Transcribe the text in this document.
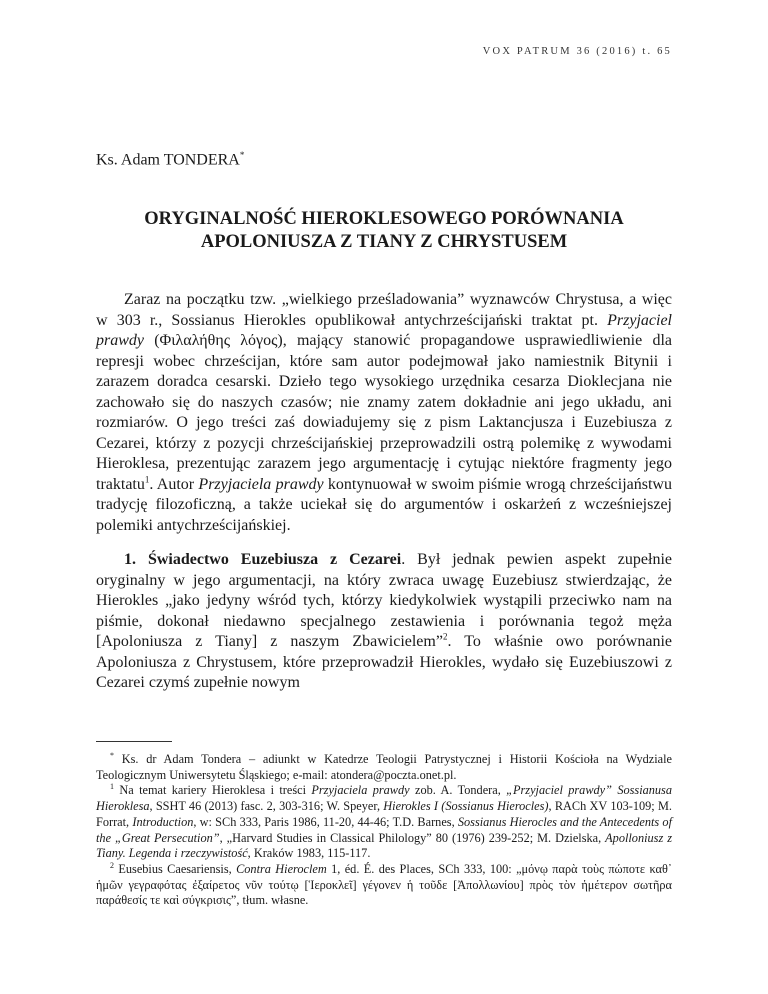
VOX PATRUM 36 (2016) t. 65
Ks. Adam TONDERA*
ORYGINALNOŚĆ HIEROKLESOWEGO PORÓWNANIA
APOLONIUSZA Z TIANY Z CHRYSTUSEM

Zaraz na początku tzw. „wielkiego prześladowania” wyznawców Chrystusa, a więc w 303 r., Sossianus Hierokles opublikował antychrześcijański traktat pt. Przyjaciel prawdy (Φιλαλήθης λόγος), mający stanowić propagandowe usprawiedliwienie dla represji wobec chrześcijan, które sam autor podejmował jako namiestnik Bitynii i zarazem doradca cesarski. Dzieło tego wysokiego urzędnika cesarza Dioklecjana nie zachowało się do naszych czasów; nie znamy zatem dokładnie ani jego układu, ani rozmiarów. O jego treści zaś dowiadujemy się z pism Laktancjusza i Euzebiusza z Cezarei, którzy z pozycji chrześcijańskiej przeprowadzili ostrą polemikę z wywodami Hieroklesa, prezentując zarazem jego argumentację i cytując niektóre fragmenty jego traktatu$^1$. Autor Przyjaciela prawdy kontynuował w swoim piśmie wrogą chrześcijaństwu tradycję filozoficzną, a także uciekał się do argumentów i oskarżeń z wcześniejszej polemiki antychrześcijańskiej.

1. Świadectwo Euzebiusza z Cezarei. Był jednak pewien aspekt zupełnie oryginalny w jego argumentacji, na który zwraca uwagę Euzebiusz stwierdzając, że Hierokles „jako jedyny wśród tych, którzy kiedykolwiek wystąpili przeciwko nam na piśmie, dokonał niedawno specjalnego zestawienia i porównania tegoż męża [Apoloniusza z Tiany] z naszym Zbawicielem”$^2$. To właśnie owo porównanie Apoloniusza z Chrystusem, które przeprowadził Hierokles, wydało się Euzebiuszowi z Cezarei czymś zupełnie nowym

* Ks. dr Adam Tondera – adiunkt w Katedrze Teologii Patrystycznej i Historii Kościoła na Wydziale Teologicznym Uniwersytetu Śląskiego; e-mail: atondera@poczta.onet.pl.

$^1$ Na temat kariery Hieroklesa i treści Przyjaciela prawdy zob. A. Tondera, „Przyjaciel prawdy” Sossianusa Hieroklesa, SSHT 46 (2013) fasc. 2, 303-316; W. Speyer, Hierokles I (Sossianus Hierocles), RACh XV 103-109; M. Forrat, Introduction, w: SCh 333, Paris 1986, 11-20, 44-46; T.D. Barnes, Sossianus Hierocles and the Antecedents of the „Great Persecution”, „Harvard Studies in Classical Philology” 80 (1976) 239-252; M. Dzielska, Apolloniusz z Tiany. Legenda i rzeczywistość, Kraków 1983, 115-117.

$^2$ Eusebius Caesariensis, Contra Hieroclem 1, éd. É. des Places, SCh 333, 100: „μόνῳ παρὰ τοὺς πώποτε καθ᾽ ἡμῶν γεγραφότας ἐξαίρετος νῦν τούτῳ [Ἱεροκλεῖ] γέγονεν ἡ τοῦδε [Ἀπολλωνίου] πρὸς τὸν ἡμέτερον σωτῆρα παράθεσίς τε καὶ σύγκρισις”, tłum. własne.
